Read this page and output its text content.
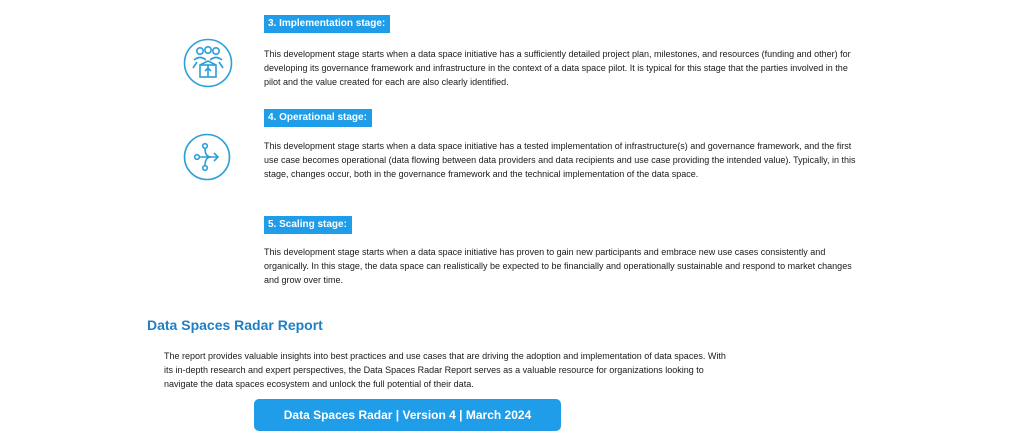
3. Implementation stage:

This development stage starts when a data space initiative has a sufficiently detailed project plan, milestones, and resources (funding and other) for developing its governance framework and infrastructure in the context of a data space pilot. It is typical for this stage that the parties involved in the pilot and the value created for each are also clearly identified.

4. Operational stage:

This development stage starts when a data space initiative has a tested implementation of infrastructure(s) and governance framework, and the first use case becomes operational (data flowing between data providers and data recipients and use case providing the intended value). Typically, in this stage, changes occur, both in the governance framework and the technical implementation of the data space.

5. Scaling stage:

This development stage starts when a data space initiative has proven to gain new participants and embrace new use cases consistently and organically. In this stage, the data space can realistically be expected to be financially and operationally sustainable and respond to market changes and grow over time.

Data Spaces Radar Report

The report provides valuable insights into best practices and use cases that are driving the adoption and implementation of data spaces. With its in-depth research and expert perspectives, the Data Spaces Radar Report serves as a valuable resource for organizations looking to navigate the data spaces ecosystem and unlock the full potential of their data.

Data Spaces Radar | Version 4 | March 2024
